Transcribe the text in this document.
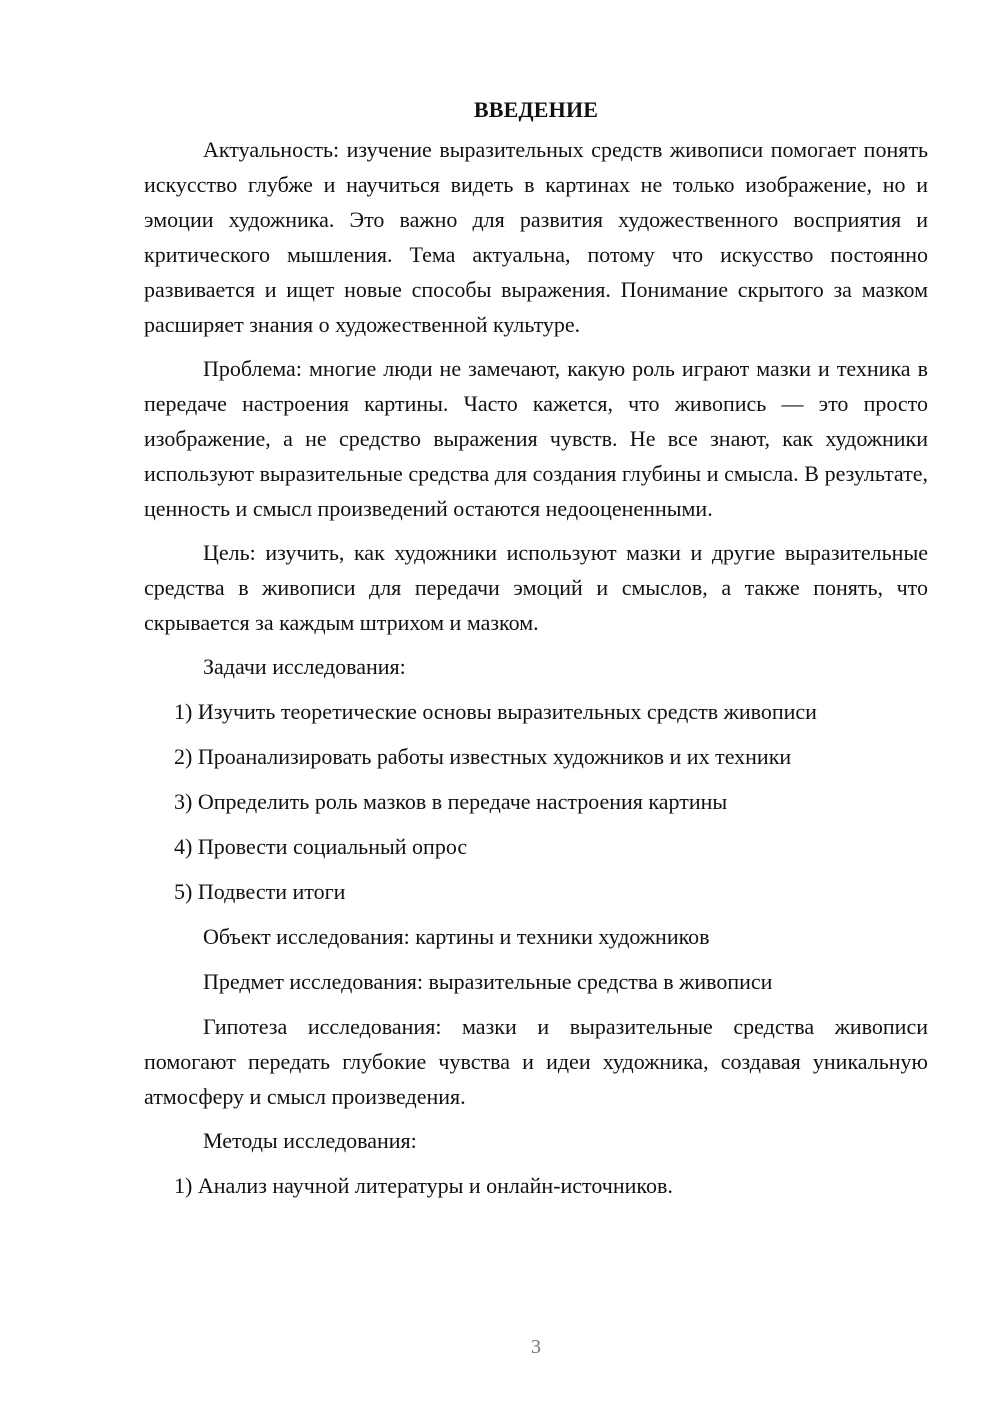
ВВЕДЕНИЕ

Актуальность: изучение выразительных средств живописи помогает понять искусство глубже и научиться видеть в картинах не только изображение, но и эмоции художника. Это важно для развития художественного восприятия и критического мышления. Тема актуальна, потому что искусство постоянно развивается и ищет новые способы выражения. Понимание скрытого за мазком расширяет знания о художественной культуре.

Проблема: многие люди не замечают, какую роль играют мазки и техника в передаче настроения картины. Часто кажется, что живопись — это просто изображение, а не средство выражения чувств. Не все знают, как художники используют выразительные средства для создания глубины и смысла. В результате, ценность и смысл произведений остаются недооцененными.

Цель: изучить, как художники используют мазки и другие выразительные средства в живописи для передачи эмоций и смыслов, а также понять, что скрывается за каждым штрихом и мазком.

Задачи исследования:

1) Изучить теоретические основы выразительных средств живописи
2) Проанализировать работы известных художников и их техники
3) Определить роль мазков в передаче настроения картины
4) Провести социальный опрос
5) Подвести итоги

Объект исследования: картины и техники художников

Предмет исследования: выразительные средства в живописи

Гипотеза исследования: мазки и выразительные средства живописи помогают передать глубокие чувства и идеи художника, создавая уникальную атмосферу и смысл произведения.

Методы исследования:

1) Анализ научной литературы и онлайн-источников.
3
